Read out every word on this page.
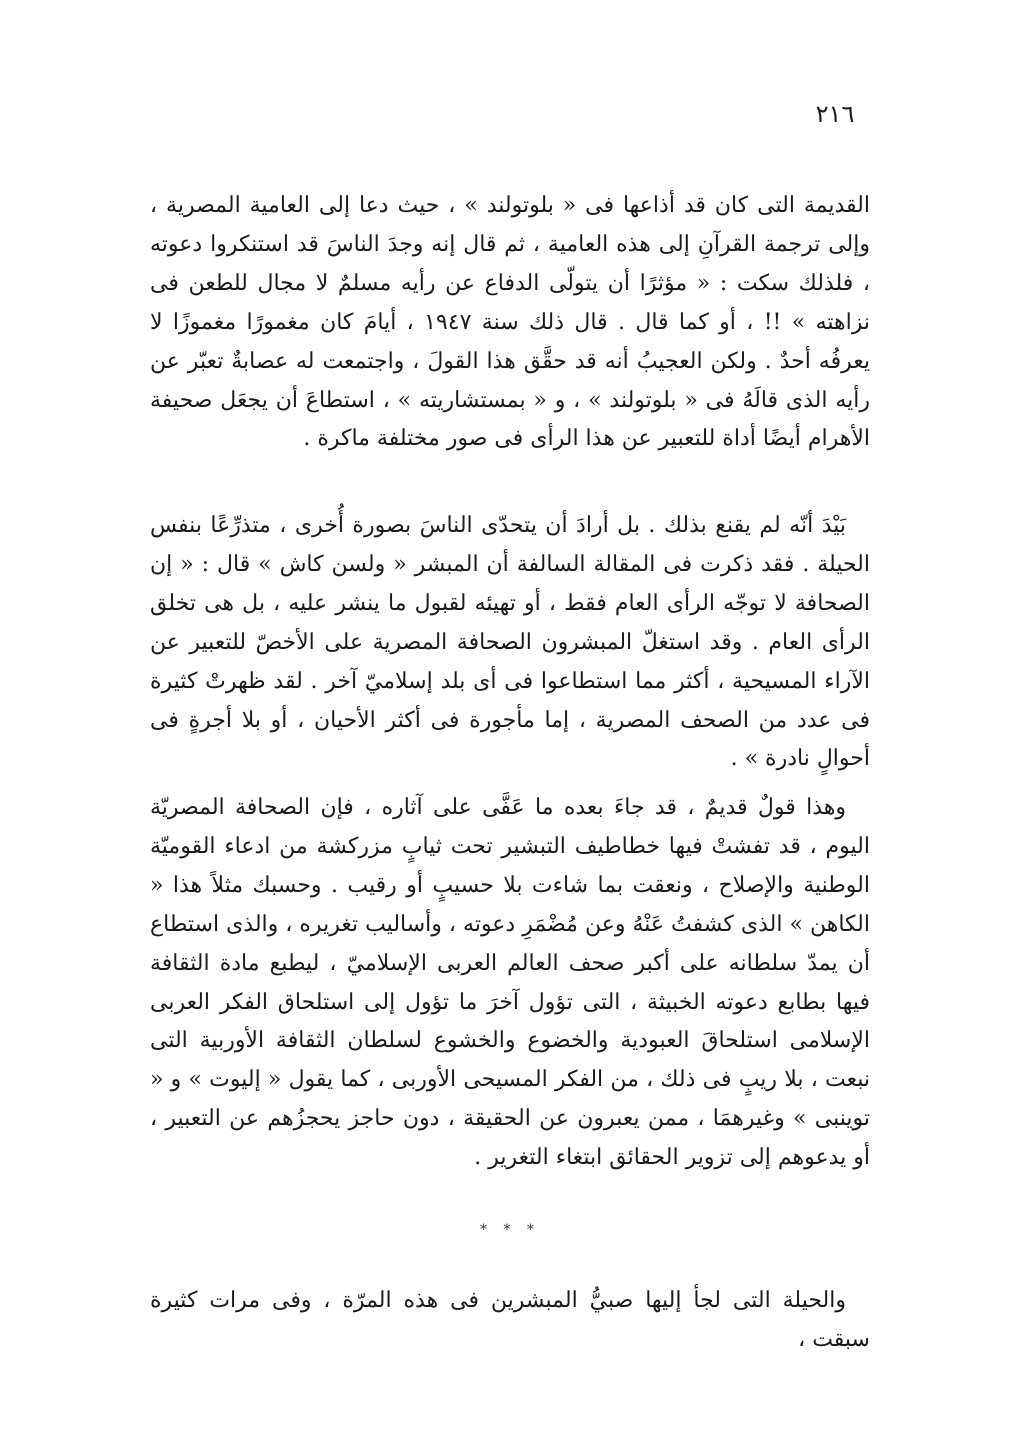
٢١٦

القديمة التى كان قد أذاعها فى « بلوتولند » ، حيث دعا إلى العامية المصرية ، وإلى ترجمة القرآنِ إلى هذه العامية ، ثم قال إنه وجدَ الناسَ قد استنكروا دعوته ، فلذلك سكت : « مؤثرًا أن يتولّى الدفاع عن رأيه مسلمٌ لا مجال للطعن فى نزاهته » !! ، أو كما قال . قال ذلك سنة ١٩٤٧ ، أيامَ كان مغمورًا مغموزًا لا يعرفُه أحدٌ . ولكن العجيبُ أنه قد حقَّق هذا القولَ ، واجتمعت له عصابةٌ تعبّر عن رأيه الذى قالَهُ فى « بلوتولند » ، و « بمستشاريته » ، استطاعَ أن يجعَل صحيفة الأهرام أيضًا أداة للتعبير عن هذا الرأى فى صور مختلفة ماكرة .

بَيْدَ أنّه لم يقنع بذلك . بل أرادَ أن يتحدّى الناسَ بصورة أُخرى ، متذرِّعًا بنفس الحيلة . فقد ذكرت فى المقالة السالفة أن المبشر « ولسن كاش » قال : « إن الصحافة لا توجّه الرأى العام فقط ، أو تهيئه لقبول ما ينشر عليه ، بل هى تخلق الرأى العام . وقد استغلّ المبشرون الصحافة المصرية على الأخصّ للتعبير عن الآراء المسيحية ، أكثر مما استطاعوا فى أى بلد إسلاميّ آخر . لقد ظهرتْ كثيرة فى عدد من الصحف المصرية ، إما مأجورة فى أكثر الأحيان ، أو بلا أجرةٍ فى أحوالٍ نادرة » .

وهذا قولٌ قديمٌ ، قد جاءَ بعده ما عَفَّى على آثاره ، فإن الصحافة المصريّة اليوم ، قد تفشتْ فيها خطاطيف التبشير تحت ثيابٍ مزركشة من ادعاء القوميّة الوطنية والإصلاح ، ونعقت بما شاءت بلا حسيبٍ أو رقيب . وحسبك مثلاً هذا « الكاهن » الذى كشفتُ عَنْهُ وعن مُضْمَرِ دعوته ، وأساليب تغريره ، والذى استطاع أن يمدّ سلطانه على أكبر صحف العالم العربى الإسلاميّ ، ليطبع مادة الثقافة فيها بطابع دعوته الخبيثة ، التى تؤول آخرَ ما تؤول إلى استلحاق الفكر العربى الإسلامى استلحاقَ العبودية والخضوع والخشوع لسلطان الثقافة الأوربية التى نبعت ، بلا ريبٍ فى ذلك ، من الفكر المسيحى الأوربى ، كما يقول « إليوت » و « توينبى » وغيرهمَا ، ممن يعبرون عن الحقيقة ، دون حاجز يحجزُهم عن التعبير ، أو يدعوهم إلى تزوير الحقائق ابتغاء التغرير .

* * *

والحيلة التى لجأ إليها صبيُّ المبشرين فى هذه المرّة ، وفى مرات كثيرة سبقت ،
